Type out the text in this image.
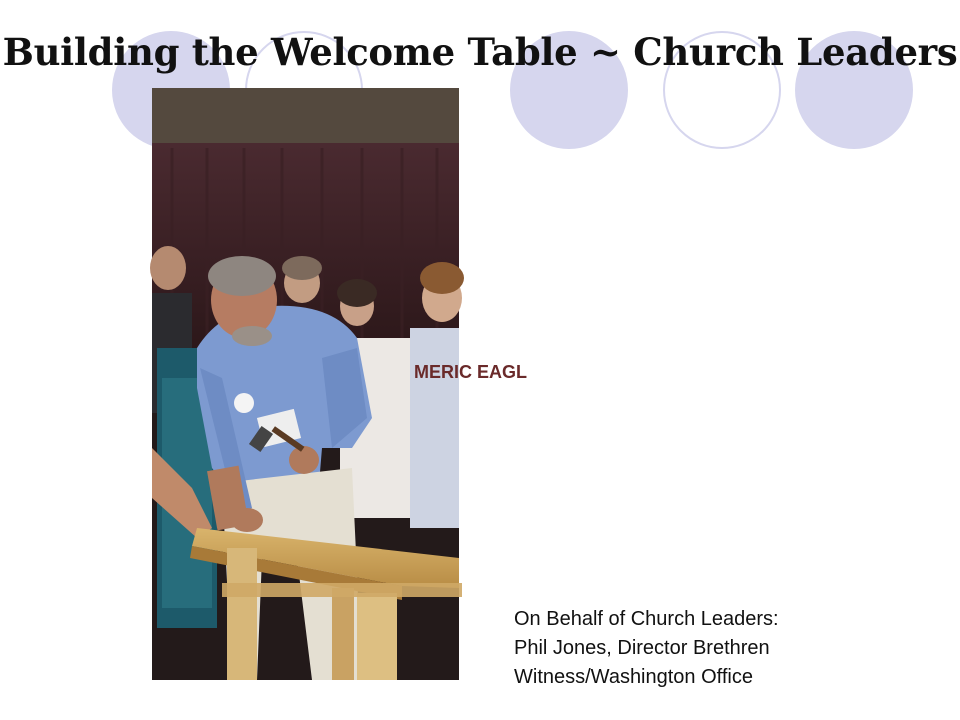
Building the Welcome Table ~ Church Leaders
MERIC EAGL
On Behalf of Church Leaders:
Phil Jones, Director Brethren
Witness/Washington Office
